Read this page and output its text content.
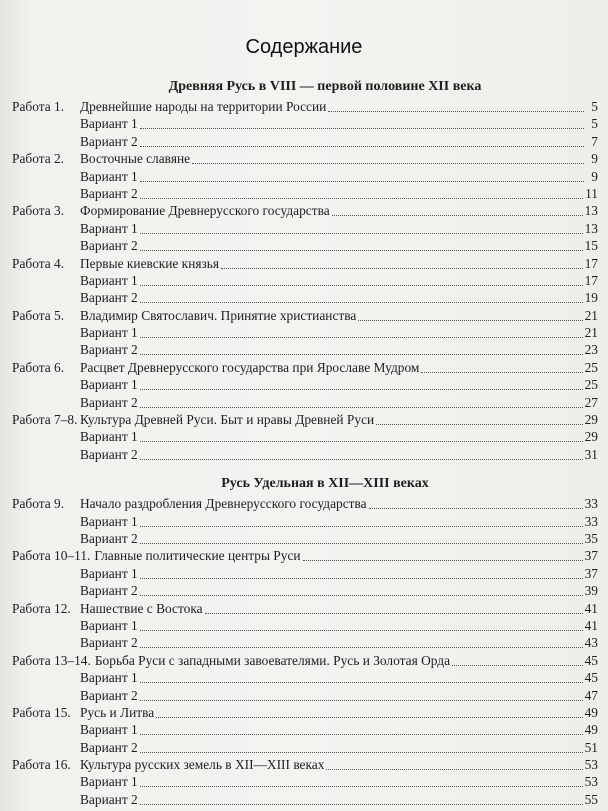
Содержание
Древняя Русь в VIII — первой половине XII века
Работа 1.	Древнейшие народы на территории России	5
Вариант 1	5
Вариант 2	7
Работа 2.	Восточные славяне	9
Вариант 1	9
Вариант 2	11
Работа 3.	Формирование Древнерусского государства	13
Вариант 1	13
Вариант 2	15
Работа 4.	Первые киевские князья	17
Вариант 1	17
Вариант 2	19
Работа 5.	Владимир Святославич. Принятие христианства	21
Вариант 1	21
Вариант 2	23
Работа 6.	Расцвет Древнерусского государства при Ярославе Мудром	25
Вариант 1	25
Вариант 2	27
Работа 7–8. Культура Древней Руси. Быт и нравы Древней Руси	29
Вариант 1	29
Вариант 2	31
Русь Удельная в XII—XIII веках
Работа 9.	Начало раздробления Древнерусского государства	33
Вариант 1	33
Вариант 2	35
Работа 10–11. Главные политические центры Руси	37
Вариант 1	37
Вариант 2	39
Работа 12. Нашествие с Востока	41
Вариант 1	41
Вариант 2	43
Работа 13–14. Борьба Руси с западными завоевателями. Русь и Золотая Орда	45
Вариант 1	45
Вариант 2	47
Работа 15. Русь и Литва	49
Вариант 1	49
Вариант 2	51
Работа 16. Культура русских земель в XII—XIII веках	53
Вариант 1	53
Вариант 2	55
